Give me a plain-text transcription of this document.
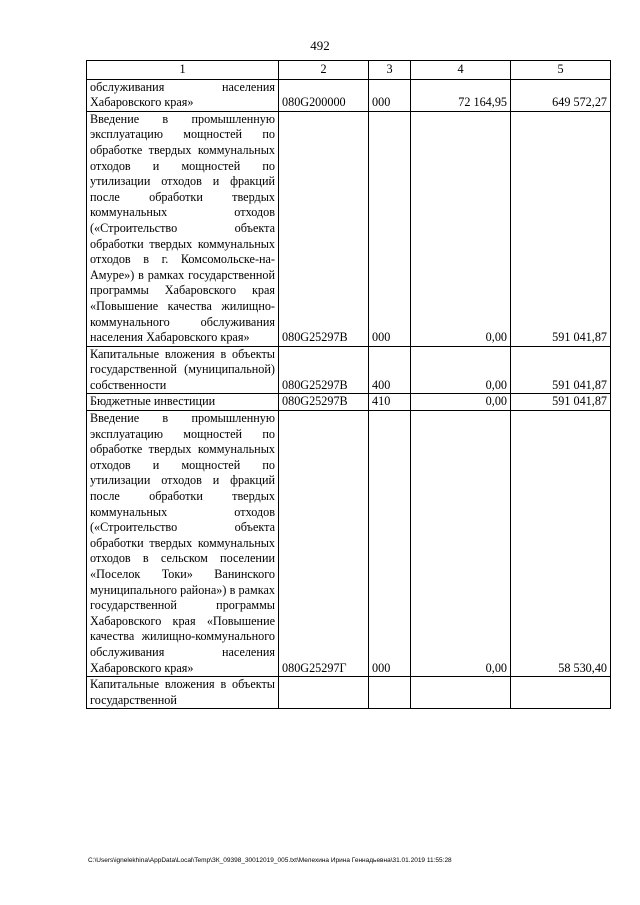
492
1	2	3	4	5
обслуживания населения Хабаровского края»	080G200000	000	72 164,95	649 572,27
Введение в промышленную эксплуатацию мощностей по обработке твердых коммунальных отходов и мощностей по утилизации отходов и фракций после обработки твердых коммунальных отходов («Строительство объекта обработки твердых коммунальных отходов в г. Комсомольске-на-Амуре») в рамках государственной программы Хабаровского края «Повышение качества жилищно-коммунального обслуживания населения Хабаровского края»	080G25297В	000	0,00	591 041,87
Капитальные вложения в объекты государственной (муниципальной) собственности	080G25297В	400	0,00	591 041,87
Бюджетные инвестиции	080G25297В	410	0,00	591 041,87
Введение в промышленную эксплуатацию мощностей по обработке твердых коммунальных отходов и мощностей по утилизации отходов и фракций после обработки твердых коммунальных отходов («Строительство объекта обработки твердых коммунальных отходов в сельском поселении «Поселок Токи» Ванинского муниципального района») в рамках государственной программы Хабаровского края «Повышение качества жилищно-коммунального обслуживания населения Хабаровского края»	080G25297Г	000	0,00	58 530,40
Капитальные вложения в объекты государственной				
C:\Users\ignelekhina\AppData\Local\Temp\ЗК_09398_30012019_005.txt\Мелехина Ирина Геннадьевна\31.01.2019 11:55:28
